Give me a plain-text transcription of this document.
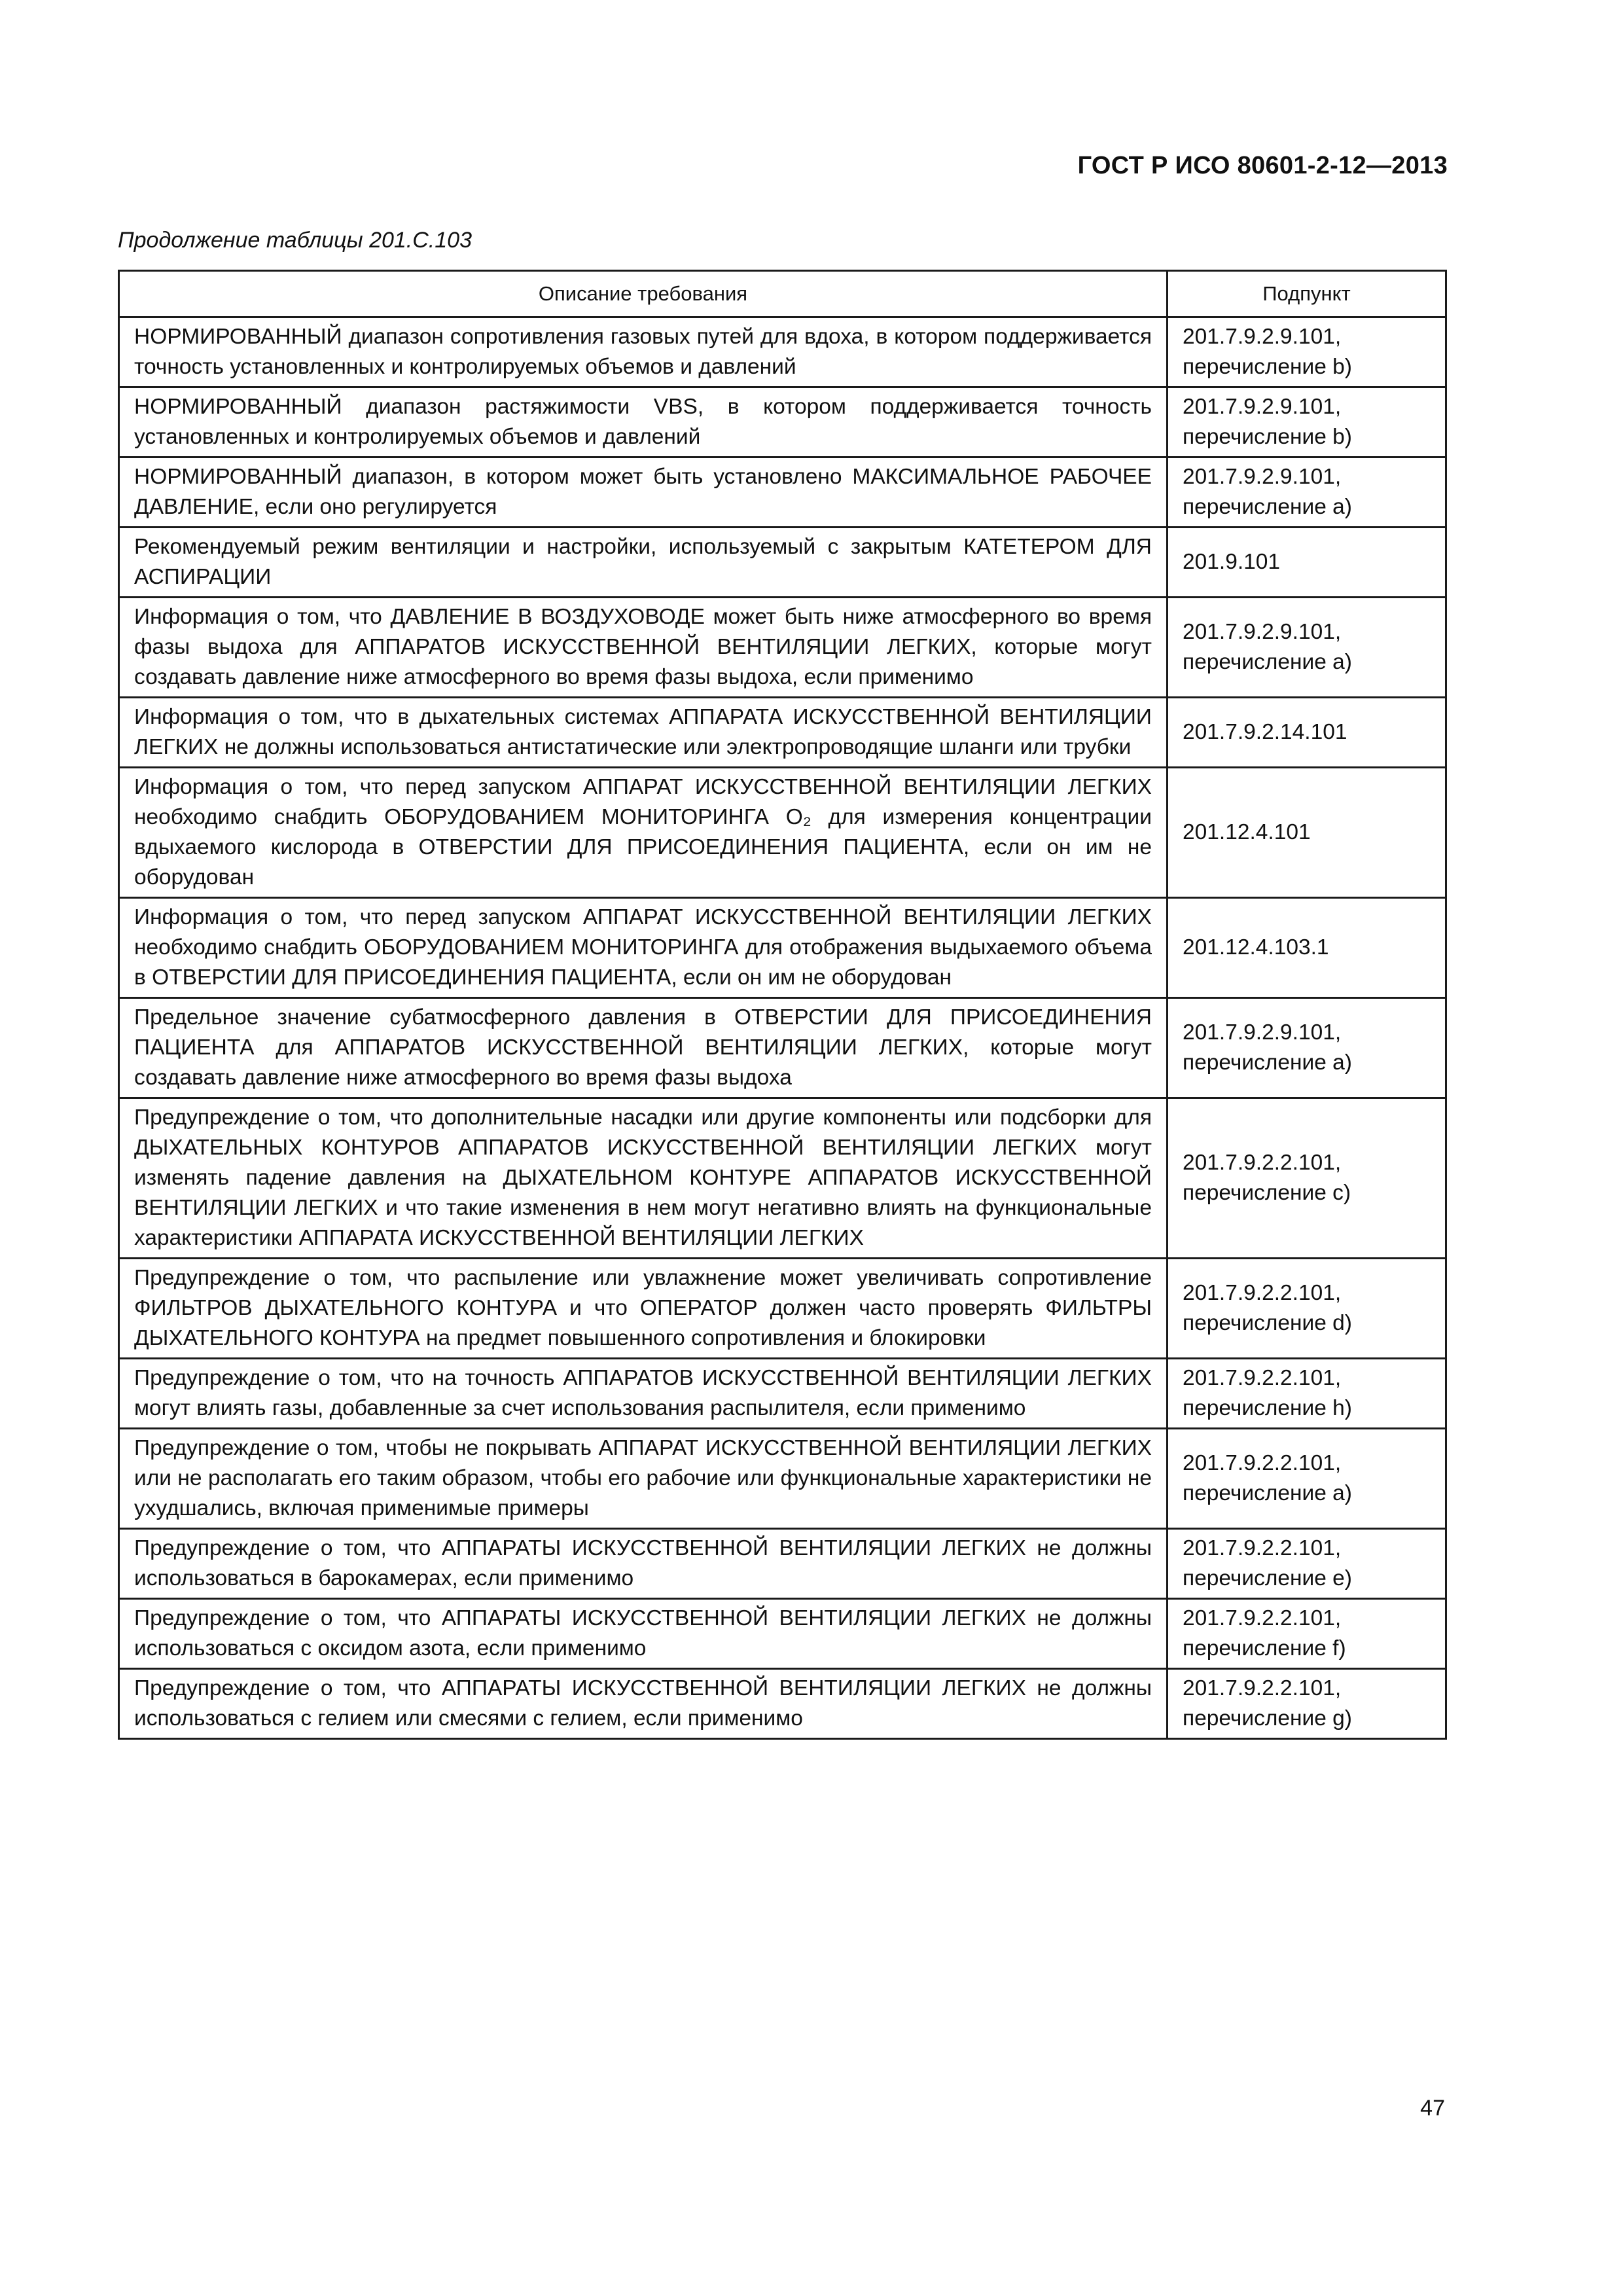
ГОСТ Р ИСО 80601-2-12—2013
Продолжение таблицы 201.С.103
Описание требования	Подпункт
НОРМИРОВАННЫЙ диапазон сопротивления газовых путей для вдоха, в котором поддерживается точность установленных и контролируемых объемов и давлений	201.7.9.2.9.101, перечисление b)
НОРМИРОВАННЫЙ диапазон растяжимости VBS, в котором поддерживается точность установленных и контролируемых объемов и давлений	201.7.9.2.9.101, перечисление b)
НОРМИРОВАННЫЙ диапазон, в котором может быть установлено МАКСИМАЛЬНОЕ РАБОЧЕЕ ДАВЛЕНИЕ, если оно регулируется	201.7.9.2.9.101, перечисление а)
Рекомендуемый режим вентиляции и настройки, используемый с закрытым КАТЕТЕРОМ ДЛЯ АСПИРАЦИИ	201.9.101
Информация о том, что ДАВЛЕНИЕ В ВОЗДУХОВОДЕ может быть ниже атмосферного во время фазы выдоха для АППАРАТОВ ИСКУССТВЕННОЙ ВЕНТИЛЯЦИИ ЛЕГКИХ, которые могут создавать давление ниже атмосферного во время фазы выдоха, если применимо	201.7.9.2.9.101, перечисление а)
Информация о том, что в дыхательных системах АППАРАТА ИСКУССТВЕННОЙ ВЕНТИЛЯЦИИ ЛЕГКИХ не должны использоваться антистатические или электропроводящие шланги или трубки	201.7.9.2.14.101
Информация о том, что перед запуском АППАРАТ ИСКУССТВЕННОЙ ВЕНТИЛЯЦИИ ЛЕГКИХ необходимо снабдить ОБОРУДОВАНИЕМ МОНИТОРИНГА O₂ для измерения концентрации вдыхаемого кислорода в ОТВЕРСТИИ ДЛЯ ПРИСОЕДИНЕНИЯ ПАЦИЕНТА, если он им не оборудован	201.12.4.101
Информация о том, что перед запуском АППАРАТ ИСКУССТВЕННОЙ ВЕНТИЛЯЦИИ ЛЕГКИХ необходимо снабдить ОБОРУДОВАНИЕМ МОНИТОРИНГА для отображения выдыхаемого объема в ОТВЕРСТИИ ДЛЯ ПРИСОЕДИНЕНИЯ ПАЦИЕНТА, если он им не оборудован	201.12.4.103.1
Предельное значение субатмосферного давления в ОТВЕРСТИИ ДЛЯ ПРИСОЕДИНЕНИЯ ПАЦИЕНТА для АППАРАТОВ ИСКУССТВЕННОЙ ВЕНТИЛЯЦИИ ЛЕГКИХ, которые могут создавать давление ниже атмосферного во время фазы выдоха	201.7.9.2.9.101, перечисление а)
Предупреждение о том, что дополнительные насадки или другие компоненты или подсборки для ДЫХАТЕЛЬНЫХ КОНТУРОВ АППАРАТОВ ИСКУССТВЕННОЙ ВЕНТИЛЯЦИИ ЛЕГКИХ могут изменять падение давления на ДЫХАТЕЛЬНОМ КОНТУРЕ АППАРАТОВ ИСКУССТВЕННОЙ ВЕНТИЛЯЦИИ ЛЕГКИХ и что такие изменения в нем могут негативно влиять на функциональные характеристики АППАРАТА ИСКУССТВЕННОЙ ВЕНТИЛЯЦИИ ЛЕГКИХ	201.7.9.2.2.101, перечисление с)
Предупреждение о том, что распыление или увлажнение может увеличивать сопротивление ФИЛЬТРОВ ДЫХАТЕЛЬНОГО КОНТУРА и что ОПЕРАТОР должен часто проверять ФИЛЬТРЫ ДЫХАТЕЛЬНОГО КОНТУРА на предмет повышенного сопротивления и блокировки	201.7.9.2.2.101, перечисление d)
Предупреждение о том, что на точность АППАРАТОВ ИСКУССТВЕННОЙ ВЕНТИЛЯЦИИ ЛЕГКИХ могут влиять газы, добавленные за счет использования распылителя, если применимо	201.7.9.2.2.101, перечисление h)
Предупреждение о том, чтобы не покрывать АППАРАТ ИСКУССТВЕННОЙ ВЕНТИЛЯЦИИ ЛЕГКИХ или не располагать его таким образом, чтобы его рабочие или функциональные характеристики не ухудшались, включая применимые примеры	201.7.9.2.2.101, перечисление а)
Предупреждение о том, что АППАРАТЫ ИСКУССТВЕННОЙ ВЕНТИЛЯЦИИ ЛЕГКИХ не должны использоваться в барокамерах, если применимо	201.7.9.2.2.101, перечисление е)
Предупреждение о том, что АППАРАТЫ ИСКУССТВЕННОЙ ВЕНТИЛЯЦИИ ЛЕГКИХ не должны использоваться с оксидом азота, если применимо	201.7.9.2.2.101, перечисление f)
Предупреждение о том, что АППАРАТЫ ИСКУССТВЕННОЙ ВЕНТИЛЯЦИИ ЛЕГКИХ не должны использоваться с гелием или смесями с гелием, если применимо	201.7.9.2.2.101, перечисление g)
47
